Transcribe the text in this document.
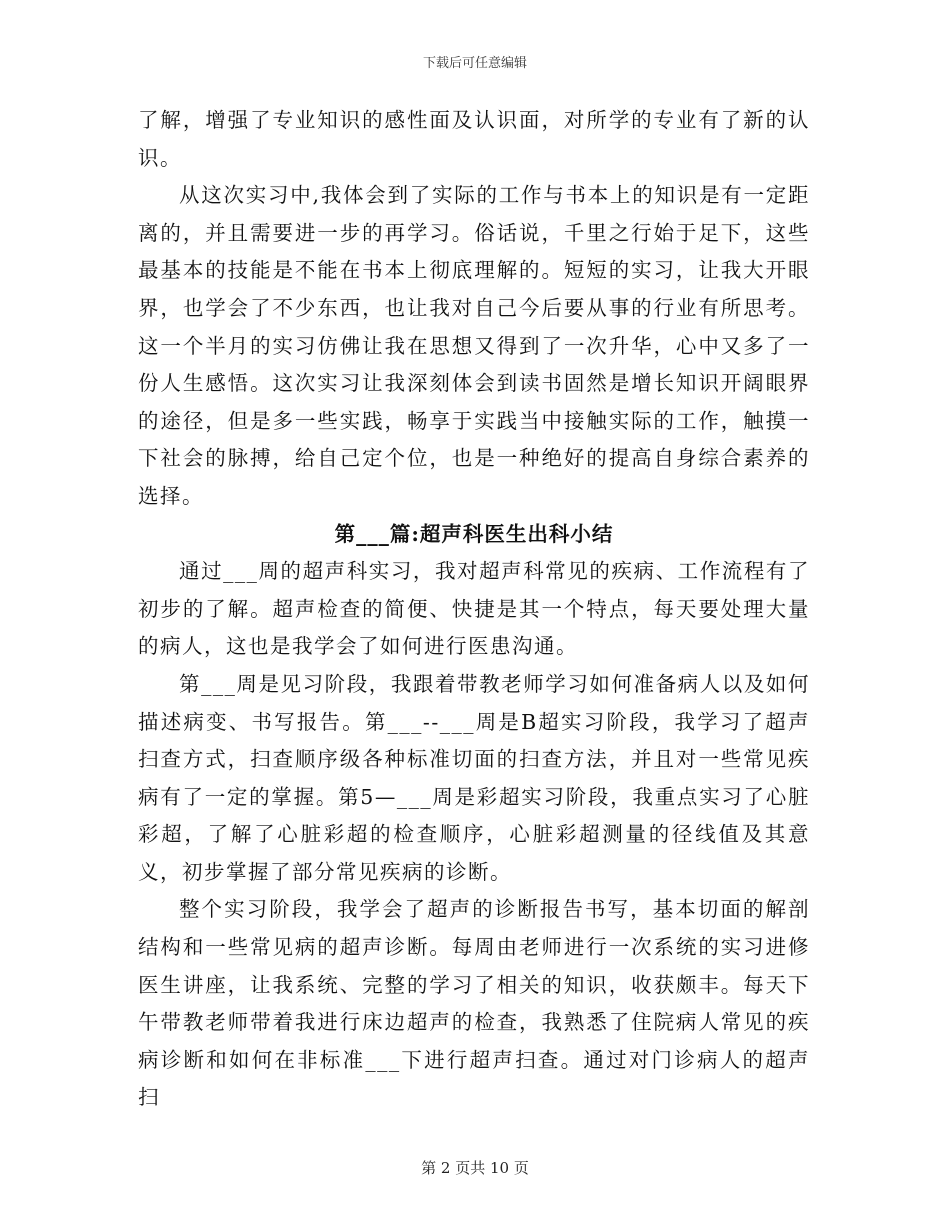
下载后可任意编辑

了解，增强了专业知识的感性面及认识面，对所学的专业有了新的认识。

从这次实习中,我体会到了实际的工作与书本上的知识是有一定距离的，并且需要进一步的再学习。俗话说，千里之行始于足下，这些最基本的技能是不能在书本上彻底理解的。短短的实习，让我大开眼界，也学会了不少东西，也让我对自己今后要从事的行业有所思考。这一个半月的实习仿佛让我在思想又得到了一次升华，心中又多了一份人生感悟。这次实习让我深刻体会到读书固然是增长知识开阔眼界的途径，但是多一些实践，畅享于实践当中接触实际的工作，触摸一下社会的脉搏，给自己定个位，也是一种绝好的提高自身综合素养的选择。

第___篇:超声科医生出科小结

通过___周的超声科实习，我对超声科常见的疾病、工作流程有了初步的了解。超声检查的简便、快捷是其一个特点，每天要处理大量的病人，这也是我学会了如何进行医患沟通。

第___周是见习阶段，我跟着带教老师学习如何准备病人以及如何描述病变、书写报告。第___--___周是B超实习阶段，我学习了超声扫查方式，扫查顺序级各种标准切面的扫查方法，并且对一些常见疾病有了一定的掌握。第5—___周是彩超实习阶段，我重点实习了心脏彩超，了解了心脏彩超的检查顺序，心脏彩超测量的径线值及其意义，初步掌握了部分常见疾病的诊断。

整个实习阶段，我学会了超声的诊断报告书写，基本切面的解剖结构和一些常见病的超声诊断。每周由老师进行一次系统的实习进修医生讲座，让我系统、完整的学习了相关的知识，收获颇丰。每天下午带教老师带着我进行床边超声的检查，我熟悉了住院病人常见的疾病诊断和如何在非标准___下进行超声扫查。通过对门诊病人的超声扫

第 2 页共 10 页
